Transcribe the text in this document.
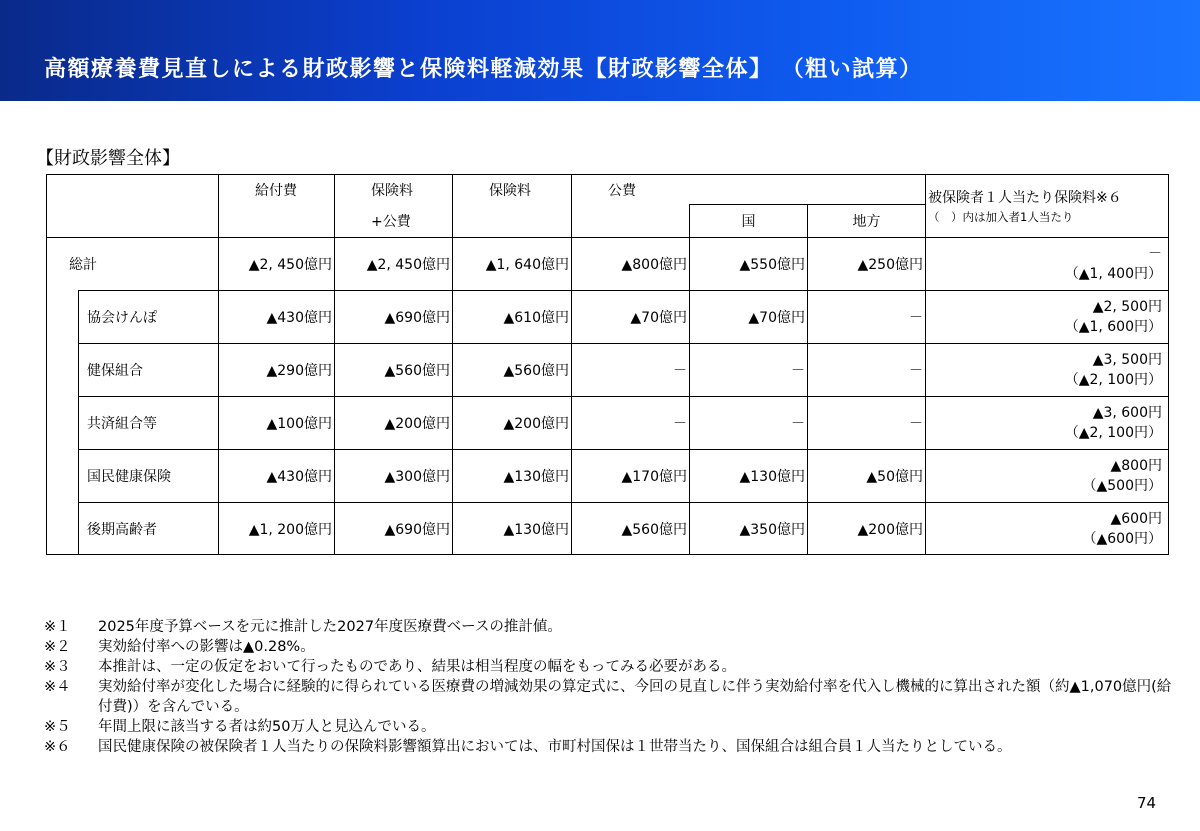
高額療養費見直しによる財政影響と保険料軽減効果【財政影響全体】 （粗い試算）
【財政影響全体】
		給付費	保険料	保険料	公費			被保険者１人当たり保険料※６
（　）内は加入者1人当たり

			+公費			国	地方	
総計		▲2, 450億円	▲2, 450億円	▲1, 640億円	▲800億円	▲550億円	▲250億円	－
（▲1, 400円）

	協会けんぽ	▲430億円	▲690億円	▲610億円	▲70億円	▲70億円	－	▲2, 500円
（▲1, 600円）

	健保組合	▲290億円	▲560億円	▲560億円	－	－	－	▲3, 500円
（▲2, 100円）

	共済組合等	▲100億円	▲200億円	▲200億円	－	－	－	▲3, 600円
（▲2, 100円）

	国民健康保険	▲430億円	▲300億円	▲130億円	▲170億円	▲130億円	▲50億円	▲800円
（▲500円）

	後期高齢者	▲1, 200億円	▲690億円	▲130億円	▲560億円	▲350億円	▲200億円	▲600円
（▲600円）
※１	2025年度予算ベースを元に推計した2027年度医療費ベースの推計値。
※２	実効給付率への影響は▲0.28%。
※３	本推計は、一定の仮定をおいて行ったものであり、結果は相当程度の幅をもってみる必要がある。
※４	実効給付率が変化した場合に経験的に得られている医療費の増減効果の算定式に、今回の見直しに伴う実効給付率を代入し機械的に算出された額（約▲1,070億円(給付費)）を含んでいる。
※５	年間上限に該当する者は約50万人と見込んでいる。
※６	国民健康保険の被保険者１人当たりの保険料影響額算出においては、市町村国保は１世帯当たり、国保組合は組合員１人当たりとしている。
74
